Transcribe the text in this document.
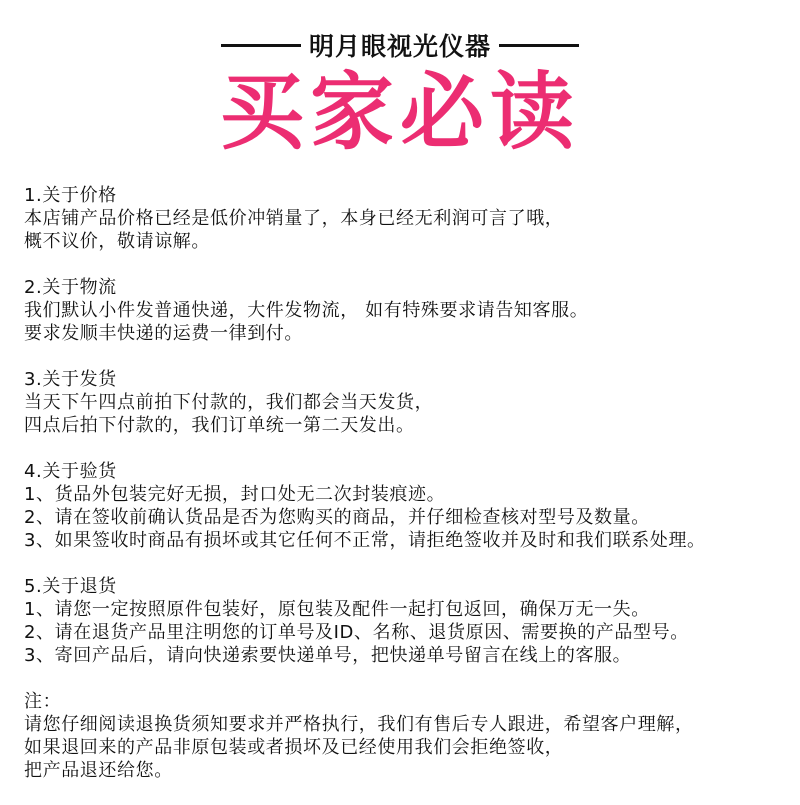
明月眼视光仪器
买家必读
1.关于价格
本店铺产品价格已经是低价冲销量了，本身已经无利润可言了哦，
概不议价，敬请谅解。
2.关于物流
我们默认小件发普通快递，大件发物流， 如有特殊要求请告知客服。
要求发顺丰快递的运费一律到付。
3.关于发货
当天下午四点前拍下付款的，我们都会当天发货，
四点后拍下付款的，我们订单统一第二天发出。
4.关于验货
1、货品外包装完好无损，封口处无二次封装痕迹。
2、请在签收前确认货品是否为您购买的商品，并仔细检查核对型号及数量。
3、如果签收时商品有损坏或其它任何不正常，请拒绝签收并及时和我们联系处理。
5.关于退货
1、请您一定按照原件包装好，原包装及配件一起打包返回，确保万无一失。
2、请在退货产品里注明您的订单号及ID、名称、退货原因、需要换的产品型号。
3、寄回产品后，请向快递索要快递单号，把快递单号留言在线上的客服。
注：
请您仔细阅读退换货须知要求并严格执行，我们有售后专人跟进，希望客户理解，
如果退回来的产品非原包装或者损坏及已经使用我们会拒绝签收，
把产品退还给您。
